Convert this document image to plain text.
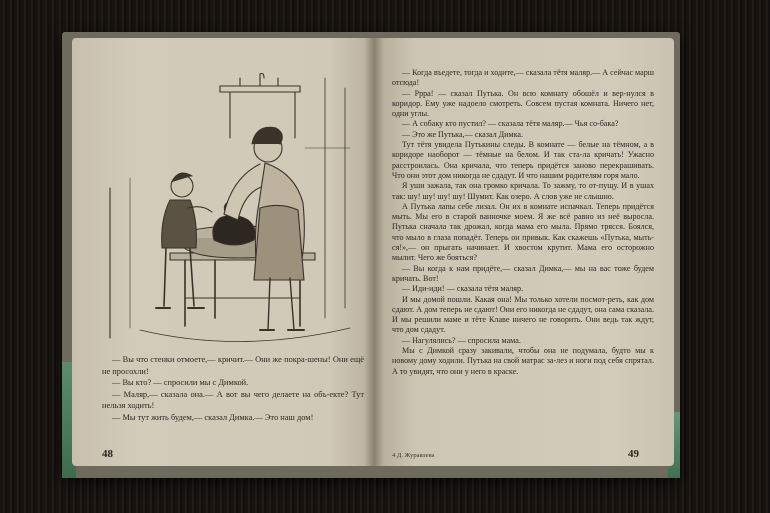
— Вы что стенки отмоете,— кричит.— Они же покра-шены! Они ещё не просохли!

— Вы кто? — спросили мы с Димкой.

— Маляр,— сказала она.— А вот вы чего делаете на объ-екте? Тут нельзя ходить!

— Мы тут жить будем,— сказал Димка.— Это наш дом!

48

— Когда въедете, тогда и ходите,— сказала тётя маляр.— А сейчас марш отсюда!

— Ррра! — сказал Путька. Он всю комнату обошёл и вер-нулся в коридор. Ему уже надоело смотреть. Совсем пустая комната. Ничего нет, одни углы.

— А собаку кто пустил? — сказала тётя маляр.— Чья со-бака?

— Это же Путька,— сказал Димка.

Тут тётя увидела Путькины следы. В комнате — белые на тёмном, а в коридоре наоборот — тёмные на белом. И так ста-ла кричать! Ужасно расстроилась. Она кричала, что теперь придётся заново перекрашивать. Что они этот дом никогда не сдадут. И что нашим родителям горя мало.

Я уши зажала, так она громко кричала. То зажму, то от-пущу. И в ушах так: шу! шу! шу! шу! Шумит. Как озеро. А слов уже не слышно.

А Путька лапы себе лизал. Он их в комнате испачкал. Теперь придётся мыть. Мы его в старой ванночке моем. Я же всё равно из неё выросла. Путька сначала так дрожал, когда мама его мыла. Прямо трясся. Боялся, что мыло в глаза попадёт. Теперь он привык. Как скажешь «Путька, мыть-ся!»,— он прыгать начинает. И хвостом крутит. Мама его осторожно мылит. Чего же бояться?

— Вы когда к нам придёте,— сказал Димка,— мы на вас тоже будем кричать. Вот!

— Иди-иди! — сказала тётя маляр.

И мы домой пошли. Какая она! Мы только хотели посмот-реть, как дом сдают. А дом теперь не сдают! Они его никогда не сдадут, она сама сказала. И мы решили маме и тёте Клаве ничего не говорить. Они ведь так ждут, что дом сдадут.

— Нагулялись? — спросила мама.

Мы с Димкой сразу закивали, чтобы она не подумала, будто мы к новому дому ходили. Путька на свой матрас за-лез и ноги под себя спрятал. А то увидят, что они у него в краске.

4 Д. Журавлева	49
